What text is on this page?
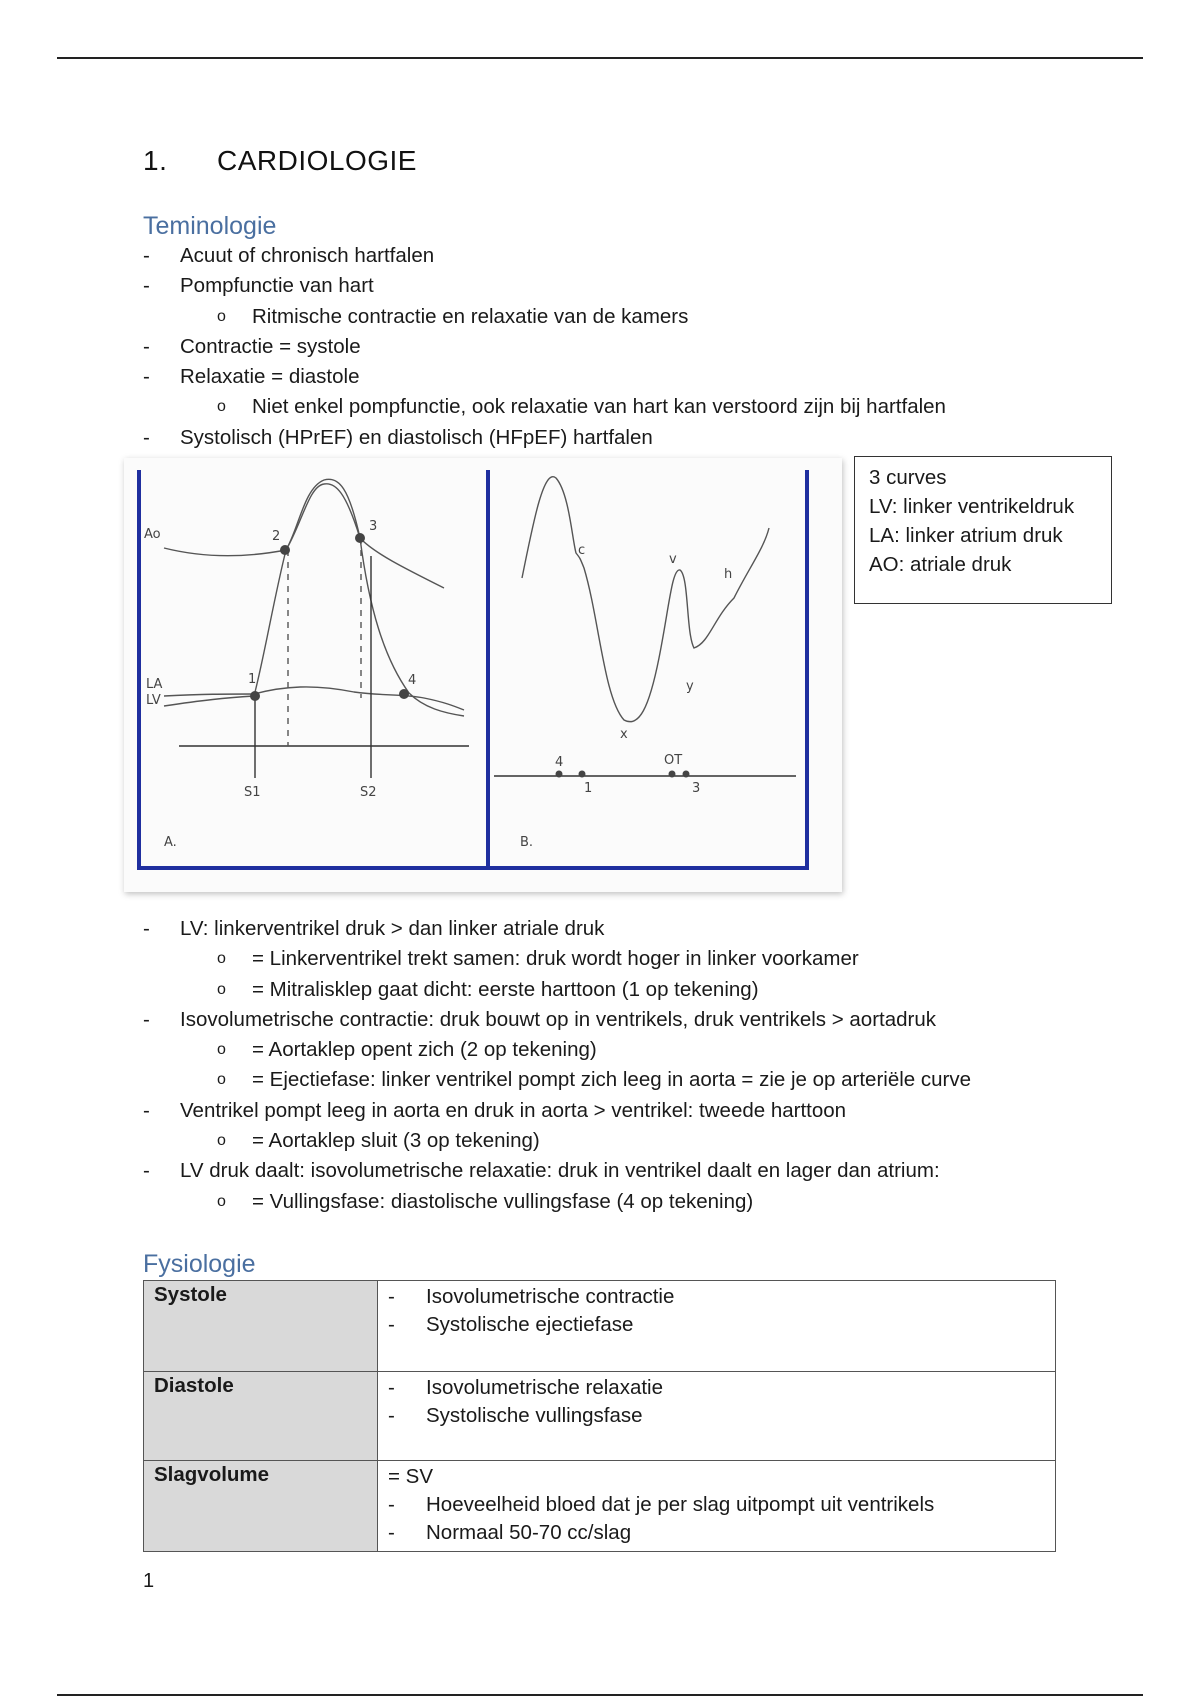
1. CARDIOLOGIE
Teminologie
- Acuut of chronisch hartfalen
- Pompfunctie van hart
o Ritmische contractie en relaxatie van de kamers
- Contractie = systole
- Relaxatie = diastole
o Niet enkel pompfunctie, ook relaxatie van hart kan verstoord zijn bij hartfalen
- Systolisch (HPrEF) en diastolisch (HFpEF) hartfalen
Ao
LA
LV
1
2
3
4
S1	S2
A.
c
v
h
x
y
4
1
OT
3
B.
3 curves
LV: linker ventrikeldruk
LA: linker atrium druk
AO: atriale druk
- LV: linkerventrikel druk > dan linker atriale druk
o = Linkerventrikel trekt samen: druk wordt hoger in linker voorkamer
o = Mitralisklep gaat dicht: eerste harttoon (1 op tekening)
- Isovolumetrische contractie: druk bouwt op in ventrikels, druk ventrikels > aortadruk
o = Aortaklep opent zich (2 op tekening)
o = Ejectiefase: linker ventrikel pompt zich leeg in aorta = zie je op arteriële curve
- Ventrikel pompt leeg in aorta en druk in aorta > ventrikel: tweede harttoon
o = Aortaklep sluit (3 op tekening)
- LV druk daalt: isovolumetrische relaxatie: druk in ventrikel daalt en lager dan atrium:
o = Vullingsfase: diastolische vullingsfase (4 op tekening)
Fysiologie
Systole	- Isovolumetrische contractie
- Systolische ejectiefase

Diastole	- Isovolumetrische relaxatie
- Systolische vullingsfase

Slagvolume	= SV
- Hoeveelheid bloed dat je per slag uitpompt uit ventrikels
- Normaal 50-70 cc/slag
1
